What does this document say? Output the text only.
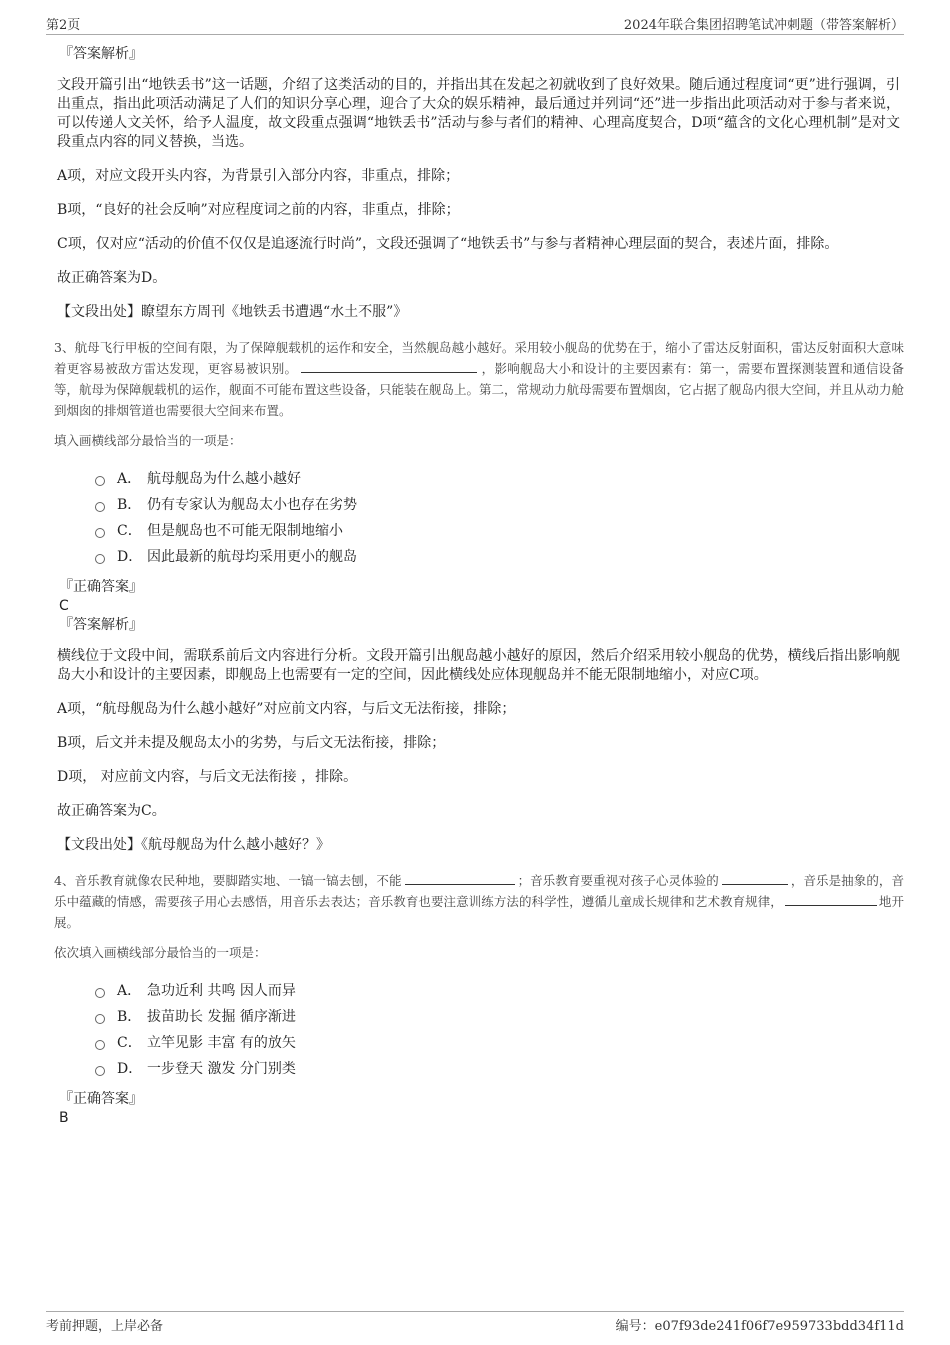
第2页	2024年联合集团招聘笔试冲刺题（带答案解析）
『答案解析』

文段开篇引出“地铁丢书”这一话题，介绍了这类活动的目的，并指出其在发起之初就收到了良好效果。随后通过程度词“更”进行强调，引出重点，指出此项活动满足了人们的知识分享心理，迎合了大众的娱乐精神，最后通过并列词“还”进一步指出此项活动对于参与者来说，可以传递人文关怀，给予人温度，故文段重点强调“地铁丢书”活动与参与者们的精神、心理高度契合，D项“蕴含的文化心理机制”是对文段重点内容的同义替换，当选。

A项，对应文段开头内容，为背景引入部分内容，非重点，排除；

B项，“良好的社会反响”对应程度词之前的内容，非重点，排除；

C项，仅对应“活动的价值不仅仅是追逐流行时尚”，文段还强调了“地铁丢书”与参与者精神心理层面的契合，表述片面，排除。

故正确答案为D。

【文段出处】瞭望东方周刊《地铁丢书遭遇“水土不服”》

3、航母飞行甲板的空间有限，为了保障舰载机的运作和安全，当然舰岛越小越好。采用较小舰岛的优势在于，缩小了雷达反射面积，雷达反射面积大意味着更容易被敌方雷达发现，更容易被识别。	，影响舰岛大小和设计的主要因素有：第一，需要布置探测装置和通信设备等，航母为保障舰载机的运作，舰面不可能布置这些设备，只能装在舰岛上。第二，常规动力航母需要布置烟囱，它占据了舰岛内很大空间，并且从动力舱到烟囱的排烟管道也需要很大空间来布置。

填入画横线部分最恰当的一项是：

A． 航母舰岛为什么越小越好
B． 仍有专家认为舰岛太小也存在劣势
C． 但是舰岛也不可能无限制地缩小
D． 因此最新的航母均采用更小的舰岛
『正确答案』
C
『答案解析』

横线位于文段中间，需联系前后文内容进行分析。文段开篇引出舰岛越小越好的原因，然后介绍采用较小舰岛的优势，横线后指出影响舰岛大小和设计的主要因素，即舰岛上也需要有一定的空间，因此横线处应体现舰岛并不能无限制地缩小，对应C项。

A项，“航母舰岛为什么越小越好”对应前文内容，与后文无法衔接，排除；

B项，后文并未提及舰岛太小的劣势，与后文无法衔接，排除；

D项， 对应前文内容，与后文无法衔接 ，排除。

故正确答案为C。

【文段出处】《航母舰岛为什么越小越好？》

4、音乐教育就像农民种地，要脚踏实地、一镐一镐去刨，不能	；音乐教育要重视对孩子心灵体验的	，音乐是抽象的，音乐中蕴藏的情感，需要孩子用心去感悟，用音乐去表达；音乐教育也要注意训练方法的科学性，遵循儿童成长规律和艺术教育规律，	地开展。

依次填入画横线部分最恰当的一项是：

A． 急功近利 共鸣 因人而异
B． 拔苗助长 发掘 循序渐进
C． 立竿见影 丰富 有的放矢
D． 一步登天 激发 分门别类
『正确答案』
B
考前押题，上岸必备	编号：e07f93de241f06f7e959733bdd34f11d
